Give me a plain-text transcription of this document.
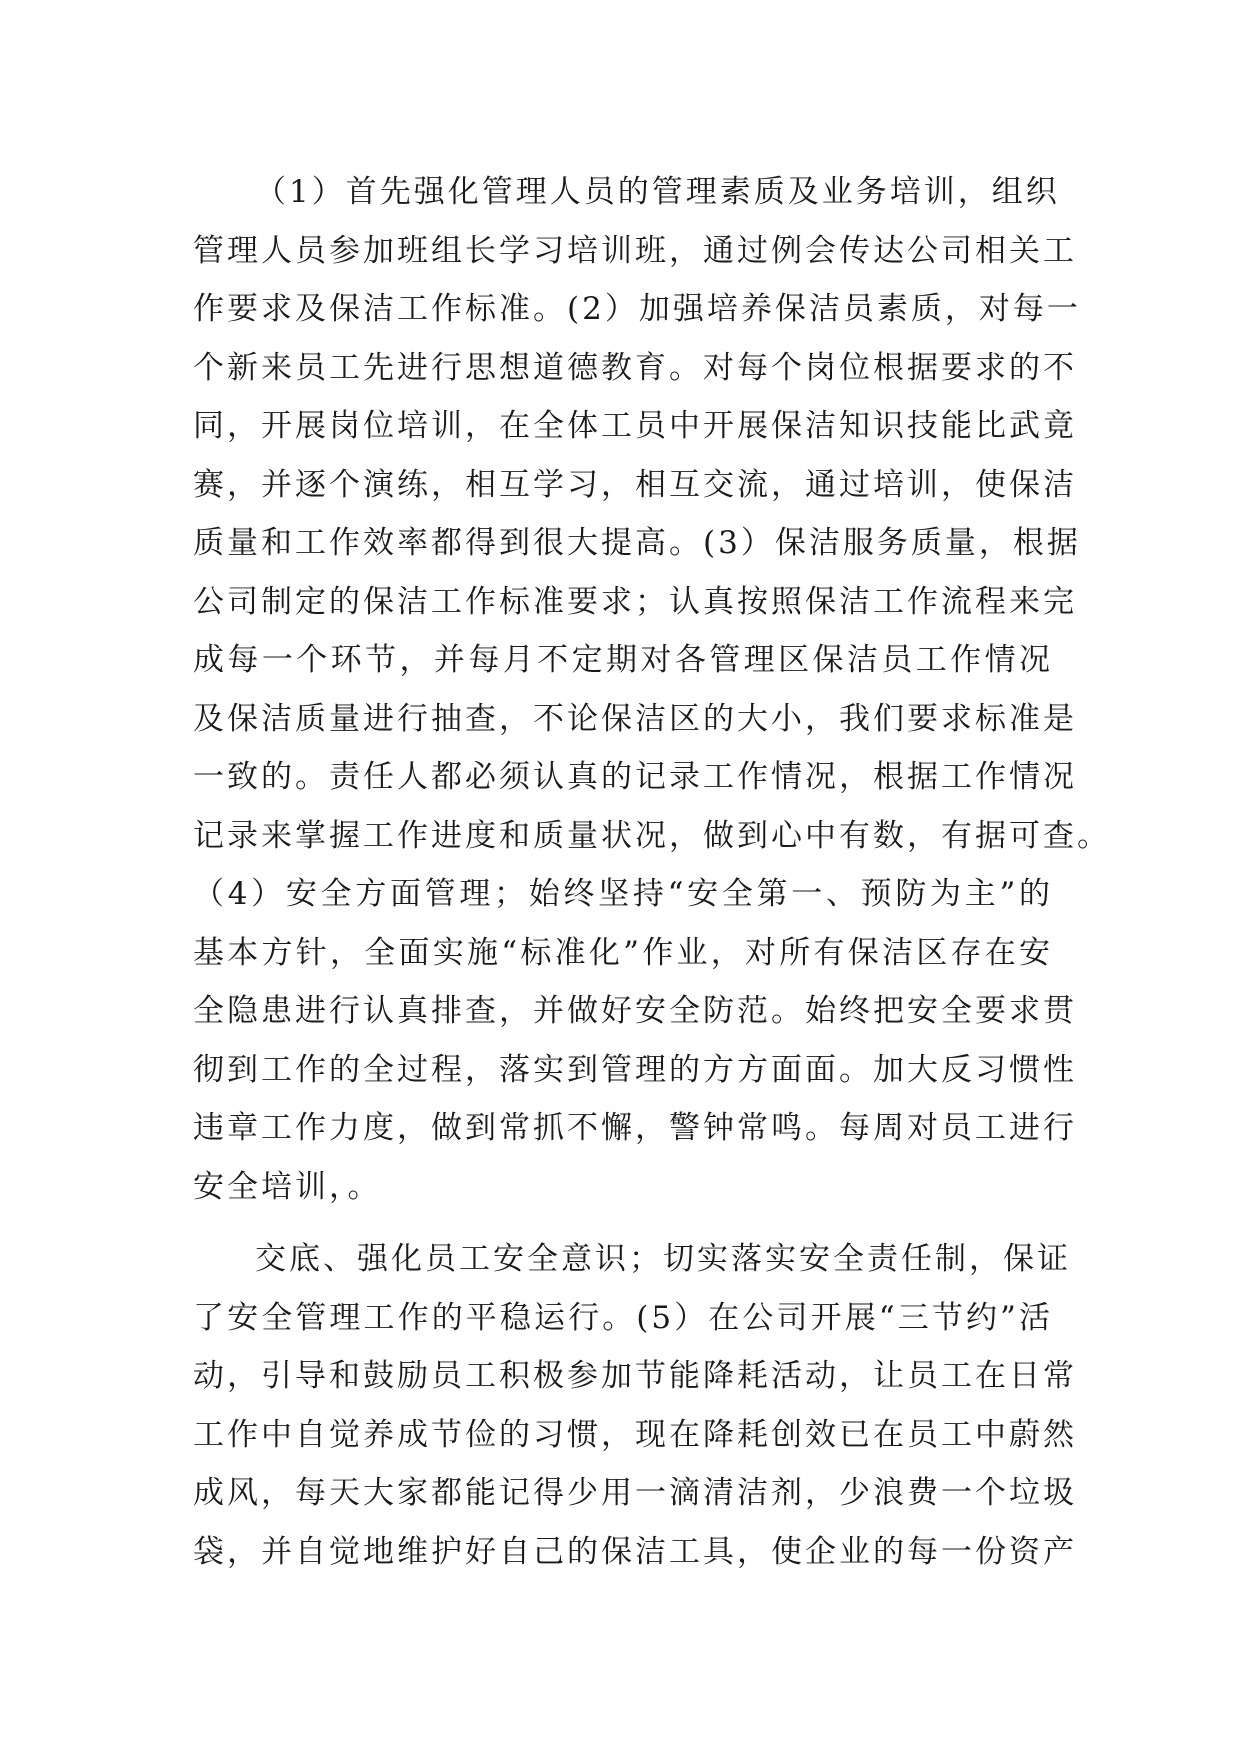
（1）首先强化管理人员的管理素质及业务培训，组织
管理人员参加班组长学习培训班，通过例会传达公司相关工
作要求及保洁工作标准。(2）加强培养保洁员素质，对每一
个新来员工先进行思想道德教育。对每个岗位根据要求的不
同，开展岗位培训，在全体工员中开展保洁知识技能比武竟
赛，并逐个演练，相互学习，相互交流，通过培训，使保洁
质量和工作效率都得到很大提高。(3）保洁服务质量，根据
公司制定的保洁工作标准要求；认真按照保洁工作流程来完
成每一个环节，并每月不定期对各管理区保洁员工作情况
及保洁质量进行抽查，不论保洁区的大小，我们要求标准是
一致的。责任人都必须认真的记录工作情况，根据工作情况
记录来掌握工作进度和质量状况，做到心中有数，有据可查。
（4）安全方面管理；始终坚持“安全第一、预防为主”的
基本方针，全面实施“标准化”作业，对所有保洁区存在安
全隐患进行认真排查，并做好安全防范。始终把安全要求贯
彻到工作的全过程，落实到管理的方方面面。加大反习惯性
违章工作力度，做到常抓不懈，警钟常鸣。每周对员工进行
安全培训，。
交底、强化员工安全意识；切实落实安全责任制，保证
了安全管理工作的平稳运行。(5）在公司开展“三节约”活
动，引导和鼓励员工积极参加节能降耗活动，让员工在日常
工作中自觉养成节俭的习惯，现在降耗创效已在员工中蔚然
成风，每天大家都能记得少用一滴清洁剂，少浪费一个垃圾
袋，并自觉地维护好自己的保洁工具，使企业的每一份资产
